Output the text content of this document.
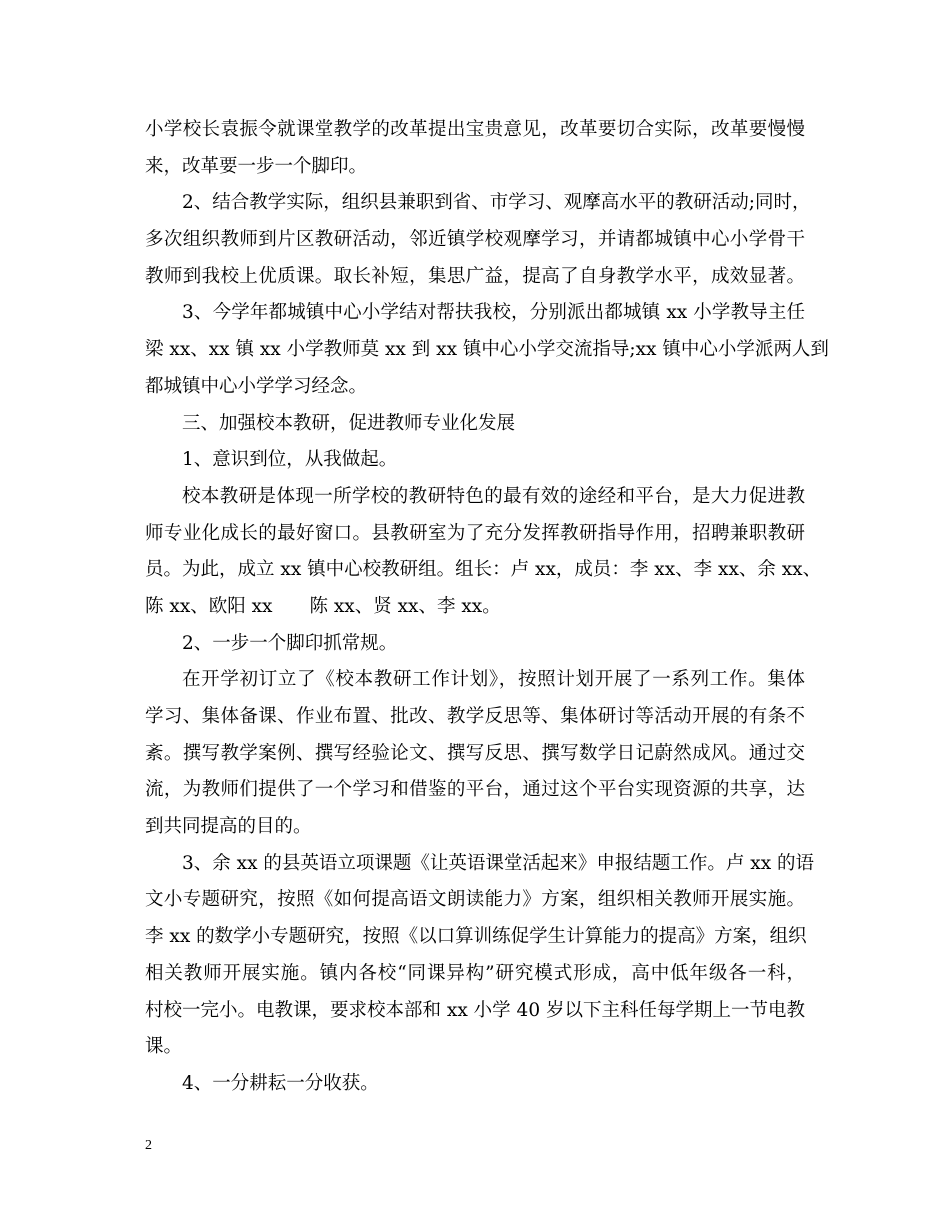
小学校长袁振令就课堂教学的改革提出宝贵意见，改革要切合实际，改革要慢慢
来，改革要一步一个脚印。
2、结合教学实际，组织县兼职到省、市学习、观摩高水平的教研活动;同时，
多次组织教师到片区教研活动，邻近镇学校观摩学习，并请都城镇中心小学骨干
教师到我校上优质课。取长补短，集思广益，提高了自身教学水平，成效显著。
3、今学年都城镇中心小学结对帮扶我校，分别派出都城镇 xx 小学教导主任
梁 xx、xx 镇 xx 小学教师莫 xx 到 xx 镇中心小学交流指导;xx 镇中心小学派两人到
都城镇中心小学学习经念。
三、加强校本教研，促进教师专业化发展
1、意识到位，从我做起。
校本教研是体现一所学校的教研特色的最有效的途经和平台，是大力促进教
师专业化成长的最好窗口。县教研室为了充分发挥教研指导作用，招聘兼职教研
员。为此，成立 xx 镇中心校教研组。组长：卢 xx，成员：李 xx、李 xx、余 xx、
陈 xx、欧阳 xx　　陈 xx、贤 xx、李 xx。
2、一步一个脚印抓常规。
在开学初订立了《校本教研工作计划》，按照计划开展了一系列工作。集体
学习、集体备课、作业布置、批改、教学反思等、集体研讨等活动开展的有条不
紊。撰写教学案例、撰写经验论文、撰写反思、撰写数学日记蔚然成风。通过交
流，为教师们提供了一个学习和借鉴的平台，通过这个平台实现资源的共享，达
到共同提高的目的。
3、余 xx 的县英语立项课题《让英语课堂活起来》申报结题工作。卢 xx 的语
文小专题研究，按照《如何提高语文朗读能力》方案，组织相关教师开展实施。
李 xx 的数学小专题研究，按照《以口算训练促学生计算能力的提高》方案，组织
相关教师开展实施。镇内各校“同课异构”研究模式形成，高中低年级各一科，
村校一完小。电教课，要求校本部和 xx 小学 40 岁以下主科任每学期上一节电教
课。
4、一分耕耘一分收获。
2
